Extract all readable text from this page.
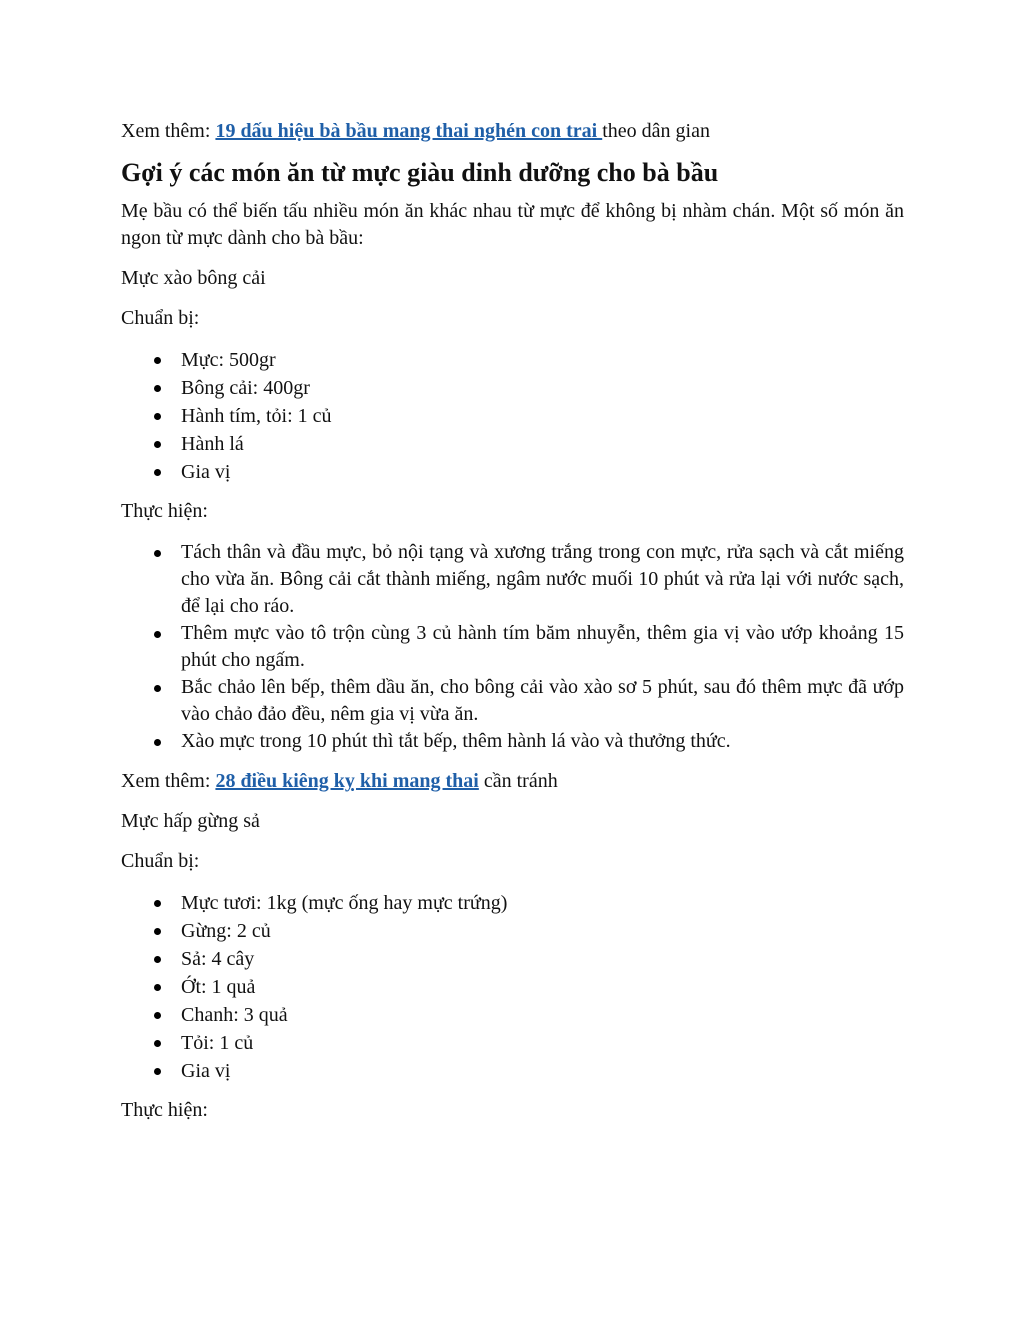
Xem thêm: 19 dấu hiệu bà bầu mang thai nghén con trai theo dân gian

Gợi ý các món ăn từ mực giàu dinh dưỡng cho bà bầu

Mẹ bầu có thể biến tấu nhiều món ăn khác nhau từ mực để không bị nhàm chán. Một số món ăn ngon từ mực dành cho bà bầu:

Mực xào bông cải

Chuẩn bị:

Mực: 500gr
Bông cải: 400gr
Hành tím, tỏi: 1 củ
Hành lá
Gia vị

Thực hiện:

Tách thân và đầu mực, bỏ nội tạng và xương trắng trong con mực, rửa sạch và cắt miếng cho vừa ăn. Bông cải cắt thành miếng, ngâm nước muối 10 phút và rửa lại với nước sạch, để lại cho ráo.
Thêm mực vào tô trộn cùng 3 củ hành tím băm nhuyễn, thêm gia vị vào ướp khoảng 15 phút cho ngấm.
Bắc chảo lên bếp, thêm dầu ăn, cho bông cải vào xào sơ 5 phút, sau đó thêm mực đã ướp vào chảo đảo đều, nêm gia vị vừa ăn.
Xào mực trong 10 phút thì tắt bếp, thêm hành lá vào và thưởng thức.

Xem thêm: 28 điều kiêng kỵ khi mang thai cần tránh

Mực hấp gừng sả

Chuẩn bị:

Mực tươi: 1kg (mực ống hay mực trứng)
Gừng: 2 củ
Sả: 4 cây
Ớt: 1 quả
Chanh: 3 quả
Tỏi: 1 củ
Gia vị

Thực hiện:
